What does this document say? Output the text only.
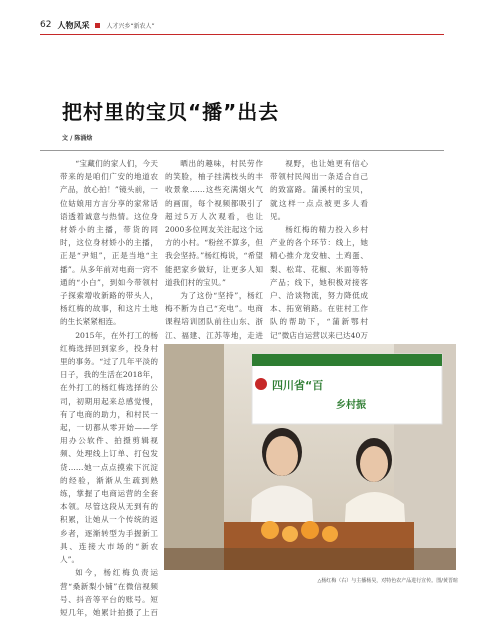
62 人物风采	人才兴乡“新农人”
把村里的宝贝“播”出去
文 / 陈涌焓

“宝藏们的家人们，今天带来的是咱们广安的地道农产品，放心拍！”镜头前，一位姑娘用方言分享的家常话语透着诚意与热情。这位身材娇小的主播，带货的同时，这位身材娇小的主播，正是“尹姐”，正是当地“主播”。从多年前对电商一窍不通的“小白”，到如今带领村子探索增收新路的带头人，杨红梅的故事，和这片土地的生长紧紧相连。

2015年，在外打工的杨红梅选择回到家乡，投身村里的事务。“过了几年平淡的日子，我的生活在2018年，在外打工的杨红梅选择的公司，初期用起来总感觉慢，有了电商的助力，和村民一起，一切都从零开始——学用办公软件、拍摄剪辑视频、处理线上订单、打包发货……她一点点摸索下沉淀的经验，渐渐从生疏到熟练，掌握了电商运营的全套本领。尽管这段从无到有的积累，让她从一个传统的返乡者，逐渐转型为手握新工具、连接大市场的“新农人”。

如今，杨红梅负责运营“桑新梨小铺”在微信视频号、抖音等平台的账号。短短几年，她累计拍摄了上百

晒出的趣味，村民劳作的笑脸，柚子挂满枝头的丰收景象……这些充满烟火气的画面，每个视频都吸引了超过5万人次观看，也让2000多位网友关注起这个远方的小村。“粉丝不算多，但我会坚持。”杨红梅说，“希望能把家乡做好，让更多人知道我们村的宝贝。”

为了这份“坚持”，杨红梅不断为自己“充电”。电商课程培训团队前往山东、浙江、福建、江苏等地，走进

视野，也让她更有信心带领村民闯出一条适合自己的致富路。蒲溪村的宝贝，就这样一点点被更多人看见。

杨红梅的精力投入乡村产业的各个环节：线上，她精心推介龙安柚、土鸡蛋、梨、松茸、花椒、米面等特产品；线下，她积极对接客户、洽谈物流，努力降低成本、拓宽销路。在驻村工作队的帮助下，“蒲新鄂村记”微店自运营以来已达40万

四川省“百
乡村振
△杨红梅（右）与主播杨昊，对特色农产品进行宣传。图/黄晋暄
